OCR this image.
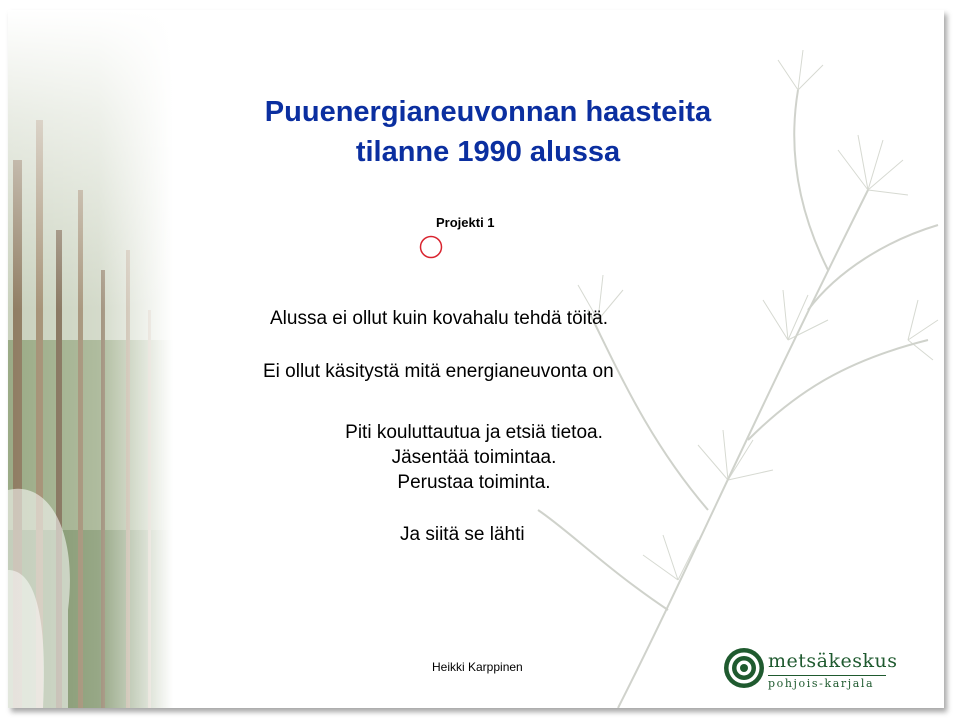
Puuenergianeuvonnan haasteita
tilanne 1990 alussa

Projekti 1

Alussa ei ollut kuin kovahalu tehdä töitä.

Ei ollut käsitystä mitä energianeuvonta on

Piti kouluttautua ja etsiä tietoa.
Jäsentää toimintaa.
Perustaa toiminta.

Ja siitä se lähti

Heikki Karppinen	metsäkeskus
pohjois-karjala
